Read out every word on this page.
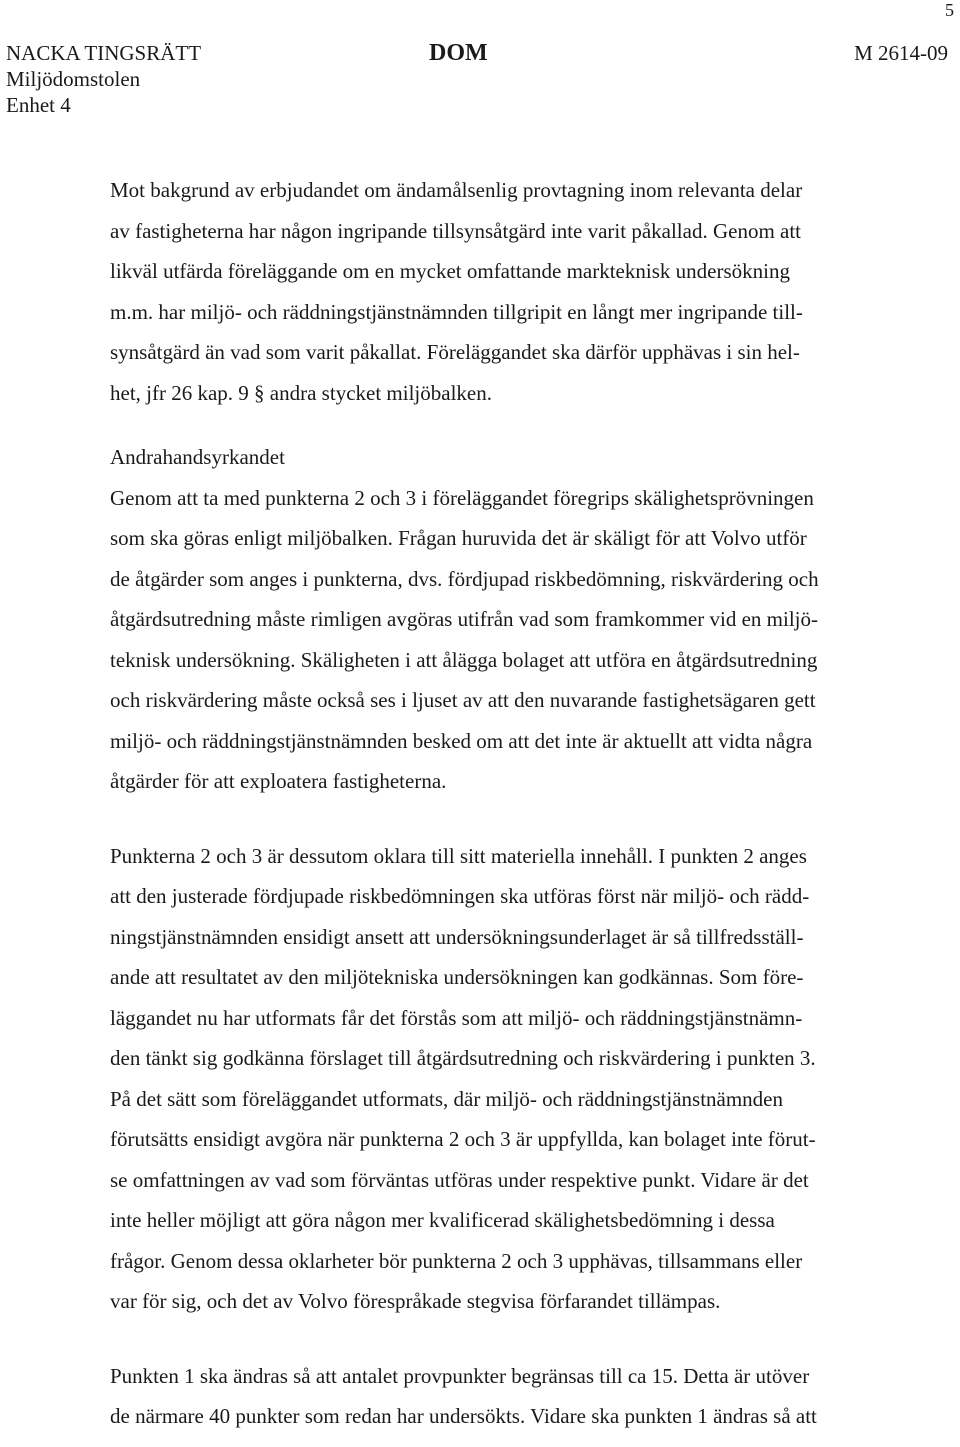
5
NACKA TINGSRÄTT	DOM	M 2614-09
Miljödomstolen
Enhet 4

Mot bakgrund av erbjudandet om ändamålsenlig provtagning inom relevanta delar
av fastigheterna har någon ingripande tillsynsåtgärd inte varit påkallad. Genom att
likväl utfärda föreläggande om en mycket omfattande markteknisk undersökning
m.m. har miljö- och räddningstjänstnämnden tillgripit en långt mer ingripande till-
synsåtgärd än vad som varit påkallat. Föreläggandet ska därför upphävas i sin hel-
het, jfr 26 kap. 9 § andra stycket miljöbalken.

Andrahandsyrkandet
Genom att ta med punkterna 2 och 3 i föreläggandet föregrips skälighetsprövningen
som ska göras enligt miljöbalken. Frågan huruvida det är skäligt för att Volvo utför
de åtgärder som anges i punkterna, dvs. fördjupad riskbedömning, riskvärdering och
åtgärdsutredning måste rimligen avgöras utifrån vad som framkommer vid en miljö-
teknisk undersökning. Skäligheten i att ålägga bolaget att utföra en åtgärdsutredning
och riskvärdering måste också ses i ljuset av att den nuvarande fastighetsägaren gett
miljö- och räddningstjänstnämnden besked om att det inte är aktuellt att vidta några
åtgärder för att exploatera fastigheterna.

Punkterna 2 och 3 är dessutom oklara till sitt materiella innehåll. I punkten 2 anges
att den justerade fördjupade riskbedömningen ska utföras först när miljö- och rädd-
ningstjänstnämnden ensidigt ansett att undersökningsunderlaget är så tillfredsställ-
ande att resultatet av den miljötekniska undersökningen kan godkännas. Som före-
läggandet nu har utformats får det förstås som att miljö- och räddningstjänstnämn-
den tänkt sig godkänna förslaget till åtgärdsutredning och riskvärdering i punkten 3.
På det sätt som föreläggandet utformats, där miljö- och räddningstjänstnämnden
förutsätts ensidigt avgöra när punkterna 2 och 3 är uppfyllda, kan bolaget inte förut-
se omfattningen av vad som förväntas utföras under respektive punkt. Vidare är det
inte heller möjligt att göra någon mer kvalificerad skälighetsbedömning i dessa
frågor. Genom dessa oklarheter bör punkterna 2 och 3 upphävas, tillsammans eller
var för sig, och det av Volvo förespråkade stegvisa förfarandet tillämpas.

Punkten 1 ska ändras så att antalet provpunkter begränsas till ca 15. Detta är utöver
de närmare 40 punkter som redan har undersökts. Vidare ska punkten 1 ändras så att
